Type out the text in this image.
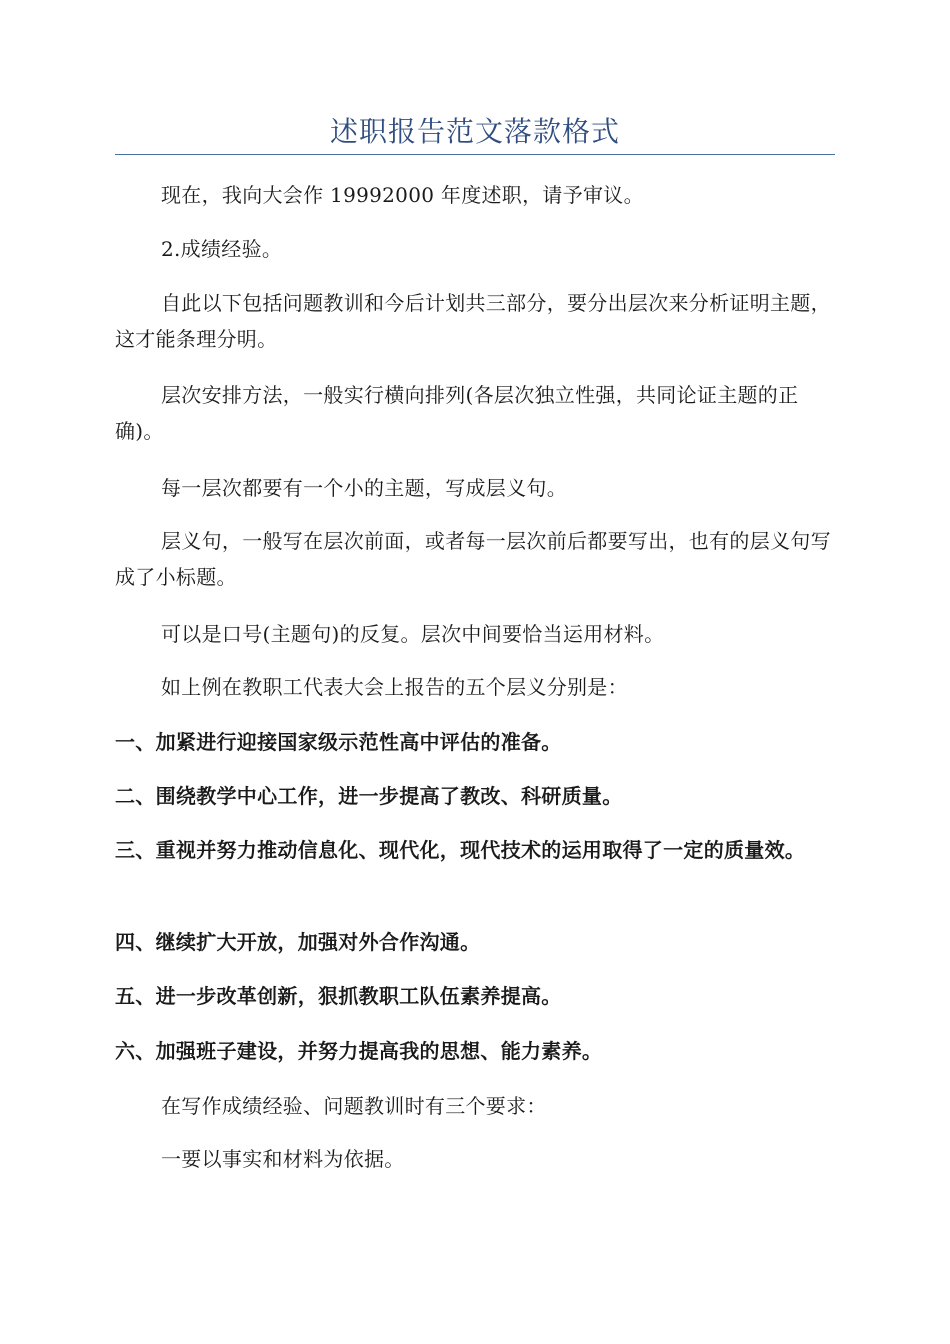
述职报告范文落款格式

现在，我向大会作 19992000 年度述职，请予审议。

2.成绩经验。

自此以下包括问题教训和今后计划共三部分，要分出层次来分析证明主题，这才能条理分明。

层次安排方法，一般实行横向排列(各层次独立性强，共同论证主题的正确)。

每一层次都要有一个小的主题，写成层义句。

层义句，一般写在层次前面，或者每一层次前后都要写出，也有的层义句写成了小标题。

可以是口号(主题句)的反复。层次中间要恰当运用材料。

如上例在教职工代表大会上报告的五个层义分别是：

一、加紧进行迎接国家级示范性高中评估的准备。

二、围绕教学中心工作，进一步提高了教改、科研质量。

三、重视并努力推动信息化、现代化，现代技术的运用取得了一定的质量效。

四、继续扩大开放，加强对外合作沟通。

五、进一步改革创新，狠抓教职工队伍素养提高。

六、加强班子建设，并努力提高我的思想、能力素养。

在写作成绩经验、问题教训时有三个要求：

一要以事实和材料为依据。
